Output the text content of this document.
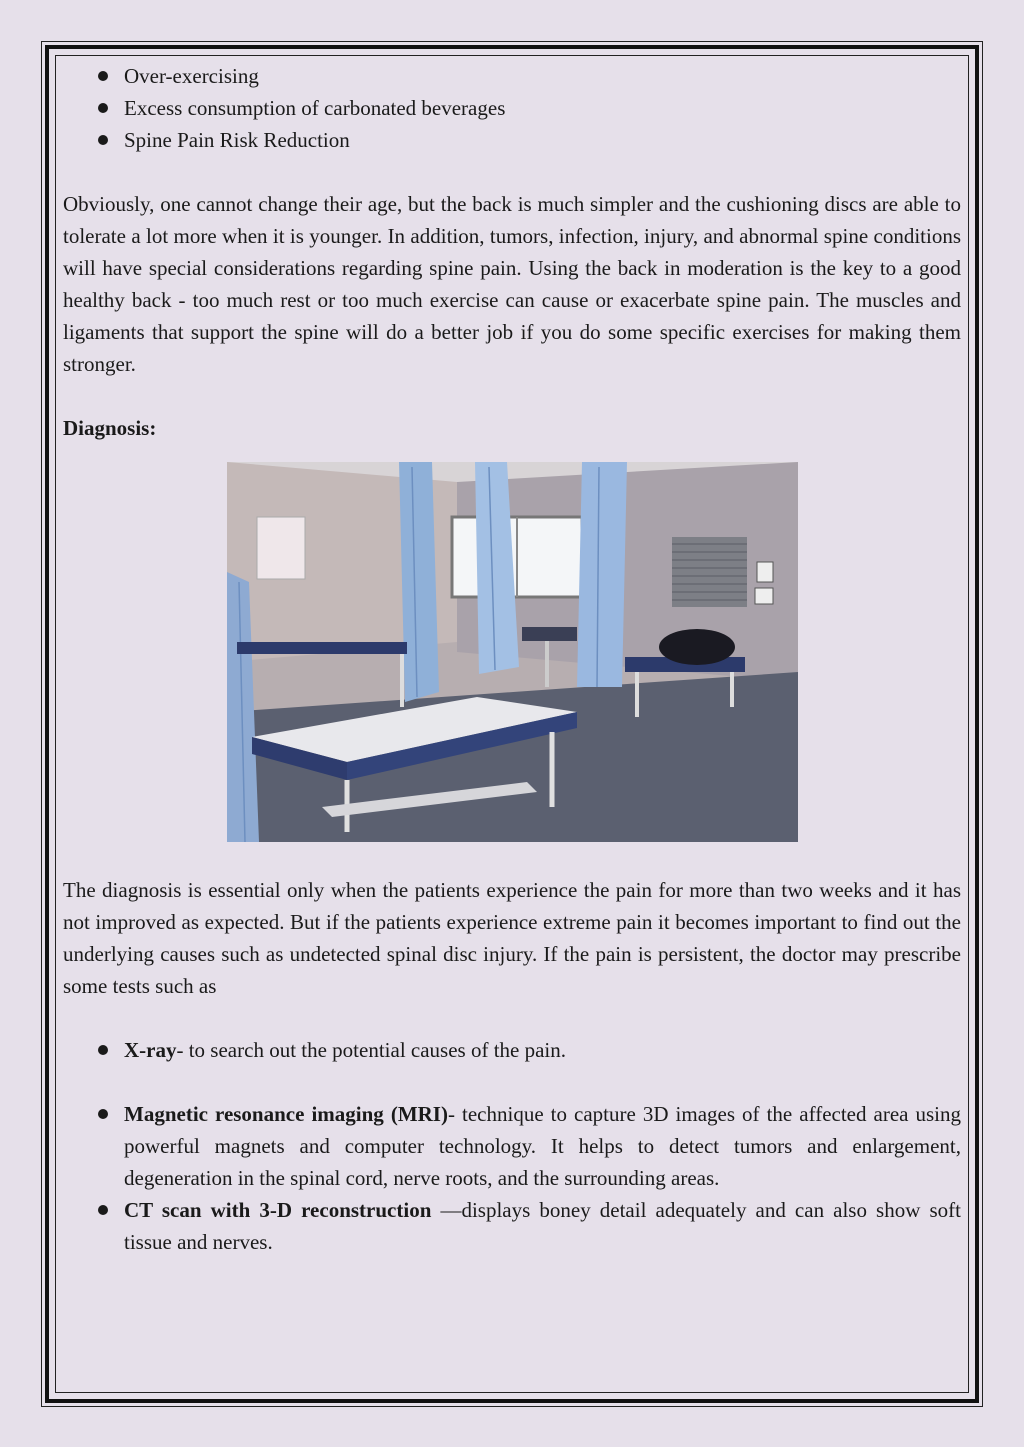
Over-exercising
Excess consumption of carbonated beverages
Spine Pain Risk Reduction

Obviously, one cannot change their age, but the back is much simpler and the cushioning discs are able to tolerate a lot more when it is younger. In addition, tumors, infection, injury, and abnormal spine conditions will have special considerations regarding spine pain. Using the back in moderation is the key to a good healthy back - too much rest or too much exercise can cause or exacerbate spine pain. The muscles and ligaments that support the spine will do a better job if you do some specific exercises for making them stronger.

Diagnosis:

The diagnosis is essential only when the patients experience the pain for more than two weeks and it has not improved as expected. But if the patients experience extreme pain it becomes important to find out the underlying causes such as undetected spinal disc injury. If the pain is persistent, the doctor may prescribe some tests such as

X-ray- to search out the potential causes of the pain.
Magnetic resonance imaging (MRI)- technique to capture 3D images of the affected area using powerful magnets and computer technology. It helps to detect tumors and enlargement, degeneration in the spinal cord, nerve roots, and the surrounding areas.
CT scan with 3-D reconstruction —displays boney detail adequately and can also show soft tissue and nerves.
